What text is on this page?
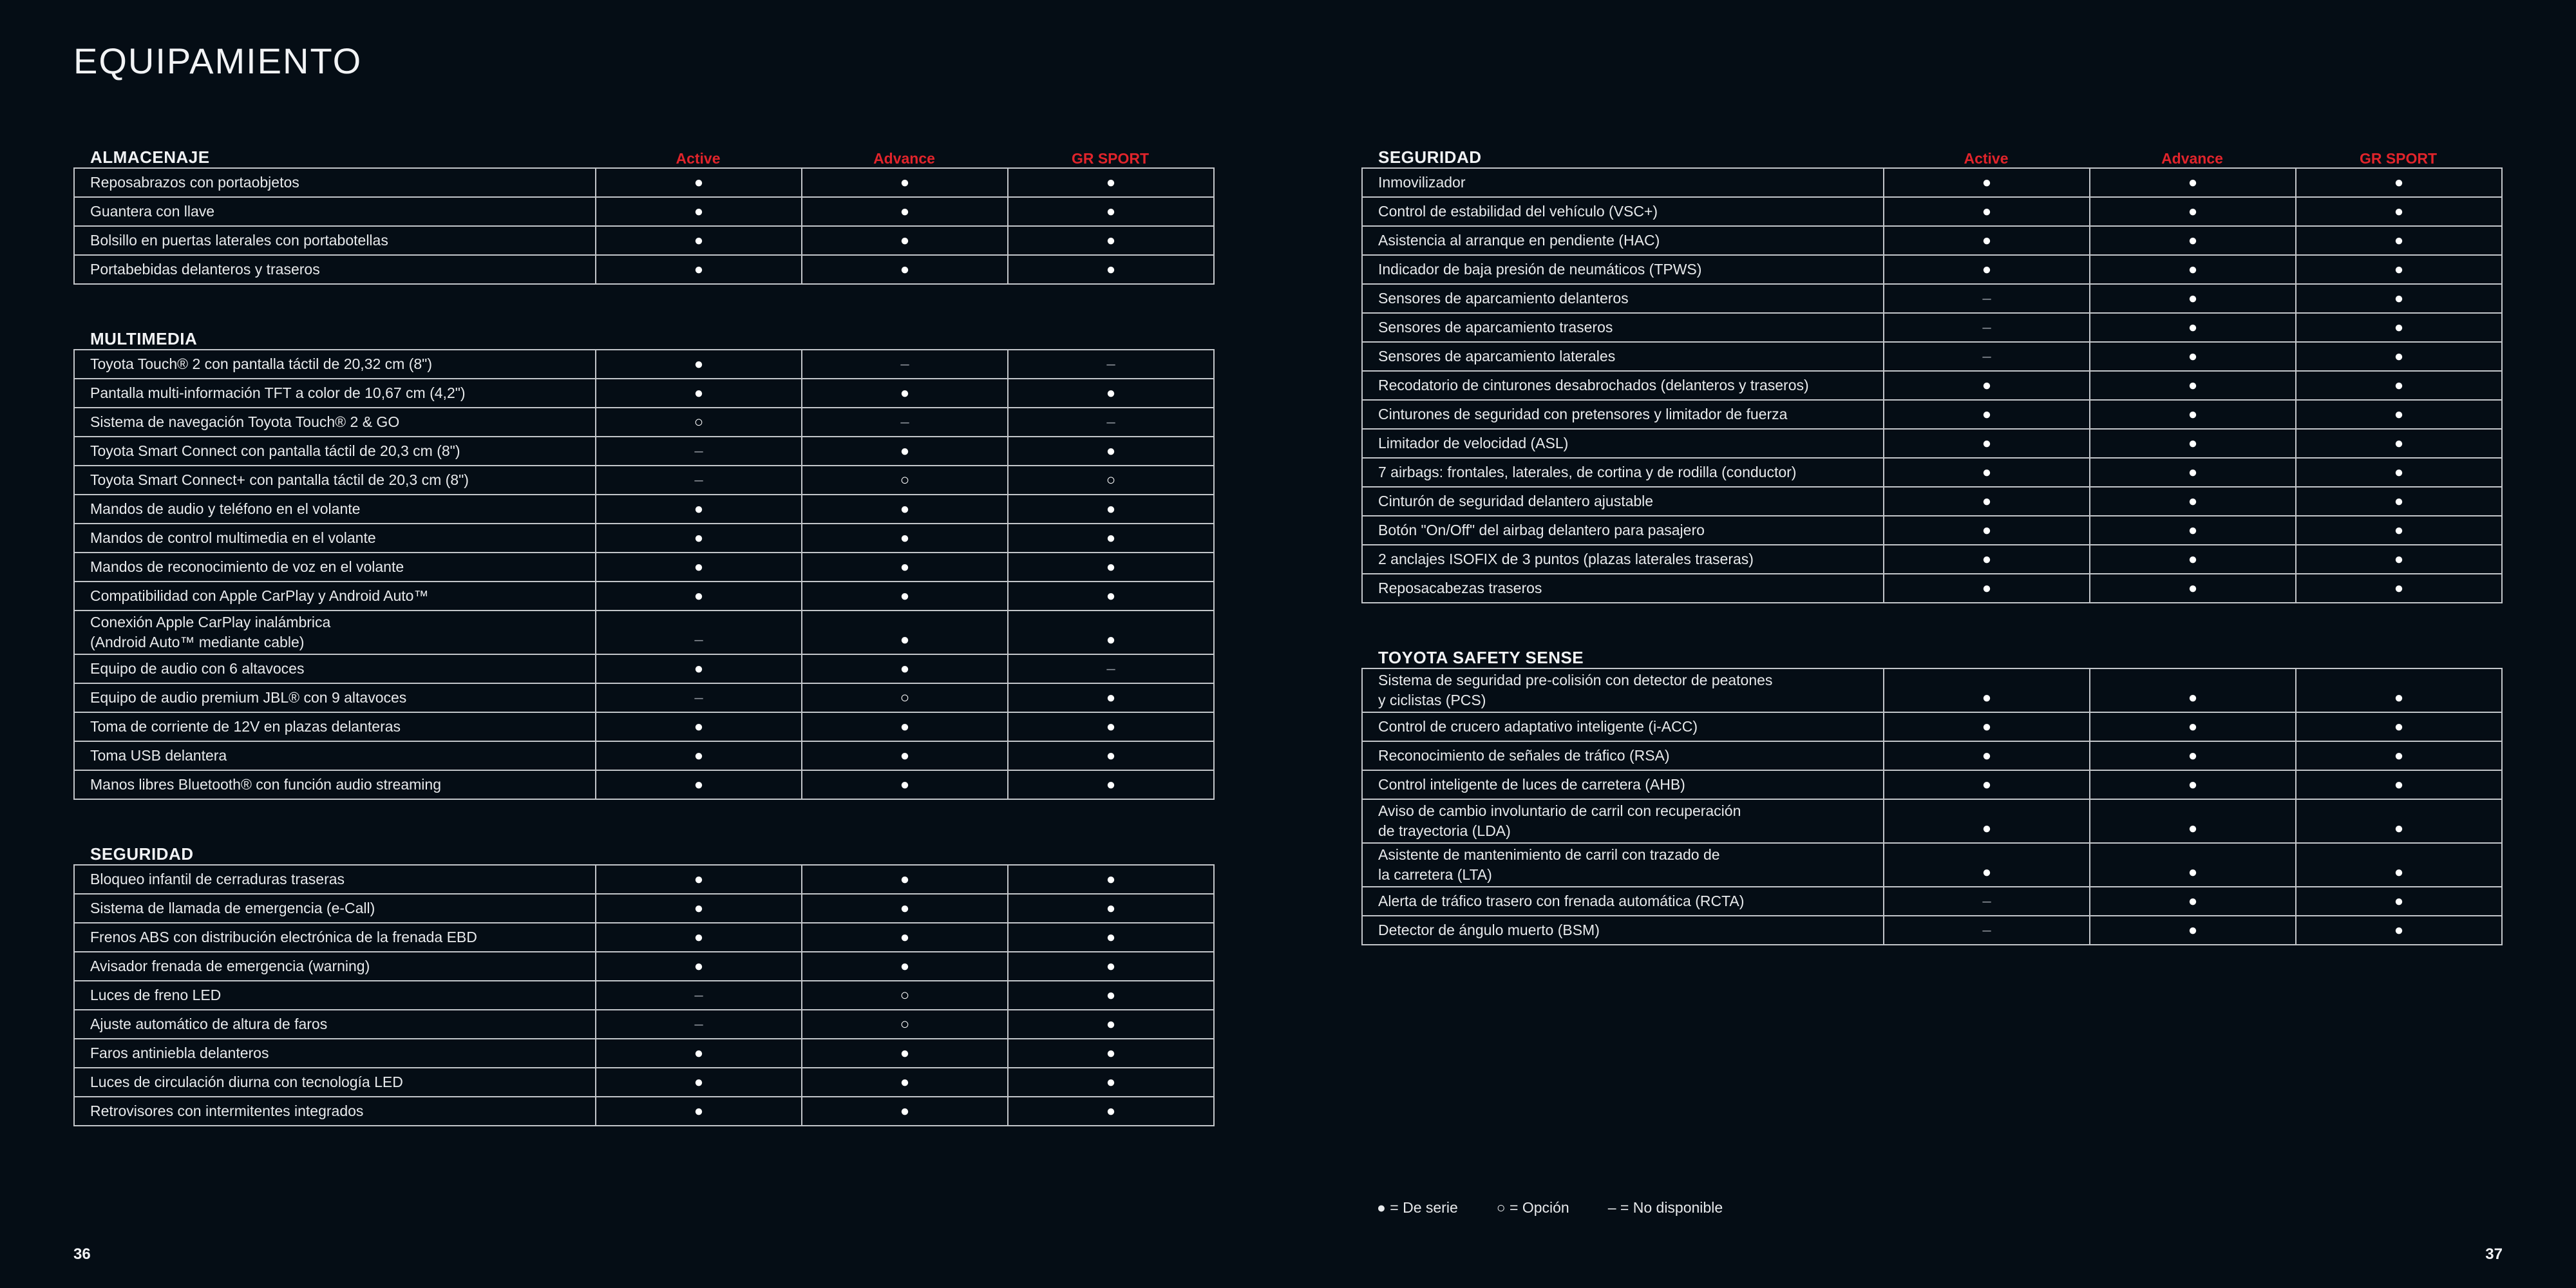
EQUIPAMIENTO
ALMACENAJE	Active	Advance	GR SPORT
Reposabrazos con portaobjetos	●	●	●
Guantera con llave	●	●	●
Bolsillo en puertas laterales con portabotellas	●	●	●
Portabebidas delanteros y traseros	●	●	●
MULTIMEDIA
Toyota Touch® 2 con pantalla táctil de 20,32 cm (8")	●	–	–
Pantalla multi-información TFT a color de 10,67 cm (4,2")	●	●	●
Sistema de navegación Toyota Touch® 2 & GO	○	–	–
Toyota Smart Connect con pantalla táctil de 20,3 cm (8")	–	●	●
Toyota Smart Connect+ con pantalla táctil de 20,3 cm (8")	–	○	○
Mandos de audio y teléfono en el volante	●	●	●
Mandos de control multimedia en el volante	●	●	●
Mandos de reconocimiento de voz en el volante	●	●	●
Compatibilidad con Apple CarPlay y Android Auto™	●	●	●
Conexión Apple CarPlay inalámbrica
(Android Auto™ mediante cable)	–	●	●
Equipo de audio con 6 altavoces	●	●	–
Equipo de audio premium JBL® con 9 altavoces	–	○	●
Toma de corriente de 12V en plazas delanteras	●	●	●
Toma USB delantera	●	●	●
Manos libres Bluetooth® con función audio streaming	●	●	●
SEGURIDAD
Bloqueo infantil de cerraduras traseras	●	●	●
Sistema de llamada de emergencia (e-Call)	●	●	●
Frenos ABS con distribución electrónica de la frenada EBD	●	●	●
Avisador frenada de emergencia (warning)	●	●	●
Luces de freno LED	–	○	●
Ajuste automático de altura de faros	–	○	●
Faros antiniebla delanteros	●	●	●
Luces de circulación diurna con tecnología LED	●	●	●
Retrovisores con intermitentes integrados	●	●	●
SEGURIDAD	Active	Advance	GR SPORT
Inmovilizador	●	●	●
Control de estabilidad del vehículo (VSC+)	●	●	●
Asistencia al arranque en pendiente (HAC)	●	●	●
Indicador de baja presión de neumáticos (TPWS)	●	●	●
Sensores de aparcamiento delanteros	–	●	●
Sensores de aparcamiento traseros	–	●	●
Sensores de aparcamiento laterales	–	●	●
Recodatorio de cinturones desabrochados (delanteros y traseros)	●	●	●
Cinturones de seguridad con pretensores y limitador de fuerza	●	●	●
Limitador de velocidad (ASL)	●	●	●
7 airbags: frontales, laterales, de cortina y de rodilla (conductor)	●	●	●
Cinturón de seguridad delantero ajustable	●	●	●
Botón "On/Off" del airbag delantero para pasajero	●	●	●
2 anclajes ISOFIX de 3 puntos (plazas laterales traseras)	●	●	●
Reposacabezas traseros	●	●	●
TOYOTA SAFETY SENSE
Sistema de seguridad pre-colisión con detector de peatones
y ciclistas (PCS)	●	●	●
Control de crucero adaptativo inteligente (i-ACC)	●	●	●
Reconocimiento de señales de tráfico (RSA)	●	●	●
Control inteligente de luces de carretera (AHB)	●	●	●
Aviso de cambio involuntario de carril con recuperación
de trayectoria (LDA)	●	●	●
Asistente de mantenimiento de carril con trazado de
la carretera (LTA)	●	●	●
Alerta de tráfico trasero con frenada automática (RCTA)	–	●	●
Detector de ángulo muerto (BSM)	–	●	●
● = De serie	○ = Opción	– = No disponible
36	37
